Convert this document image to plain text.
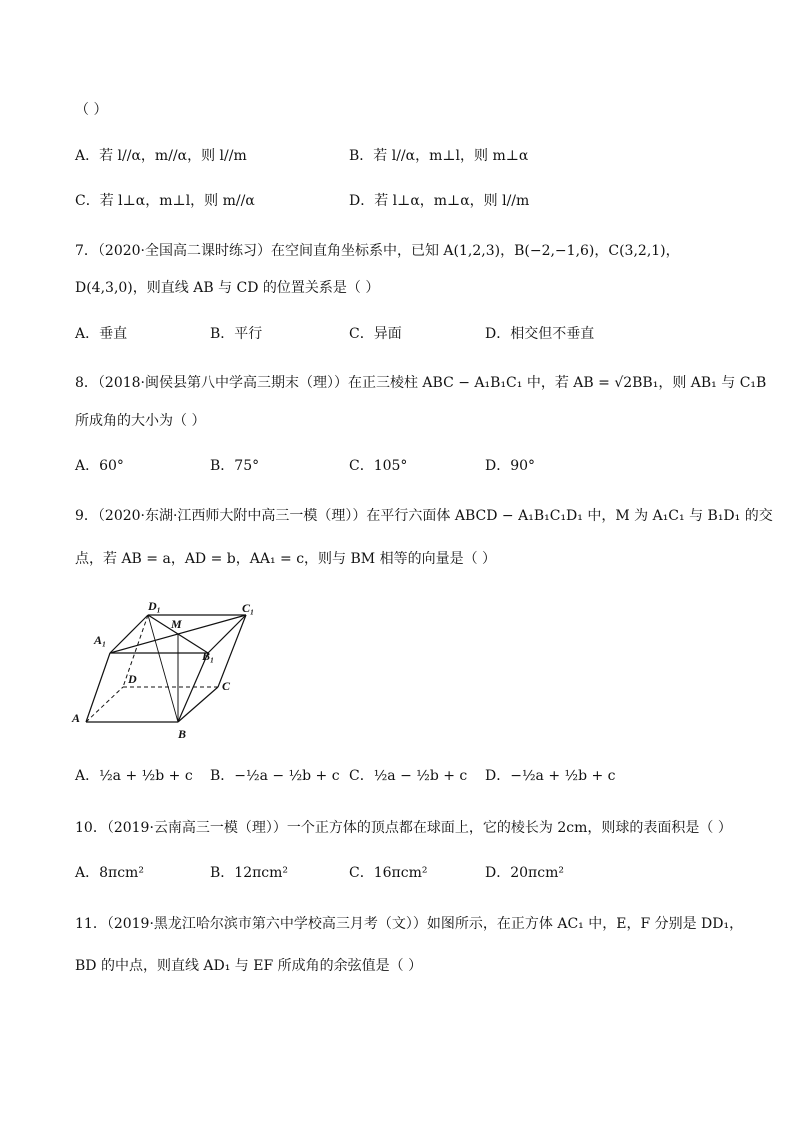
（ ）
A．若 l//α，m//α，则 l//m	B．若 l//α，m⊥l，则 m⊥α
C．若 l⊥α，m⊥l，则 m//α	D．若 l⊥α，m⊥α，则 l//m
7．（2020·全国高二课时练习）在空间直角坐标系中，已知 A(1,2,3)，B(−2,−1,6)，C(3,2,1)，
D(4,3,0)，则直线 AB 与 CD 的位置关系是（ ）
A．垂直	B．平行	C．异面	D．相交但不垂直
8．（2018·闽侯县第八中学高三期末（理））在正三棱柱 ABC − A₁B₁C₁ 中，若 AB = √2BB₁，则 AB₁ 与 C₁B
所成角的大小为（ ）
A．60°	B．75°	C．105°	D．90°
9．（2020·东湖·江西师大附中高三一模（理））在平行六面体 ABCD − A₁B₁C₁D₁ 中，M 为 A₁C₁ 与 B₁D₁ 的交
点，若 AB = a，AD = b，AA₁ = c，则与 BM 相等的向量是（ ）
D₁	C₁
A₁
B₁
M
D	C
A
B
A．½a + ½b + c B．−½a − ½b + c C．½a − ½b + c D．−½a + ½b + c
10．（2019·云南高三一模（理））一个正方体的顶点都在球面上，它的棱长为 2cm，则球的表面积是（ ）
A．8πcm²	B．12πcm²	C．16πcm²	D．20πcm²
11．（2019·黑龙江哈尔滨市第六中学校高三月考（文））如图所示，在正方体 AC₁ 中，E，F 分别是 DD₁，
BD 的中点，则直线 AD₁ 与 EF 所成角的余弦值是（ ）
